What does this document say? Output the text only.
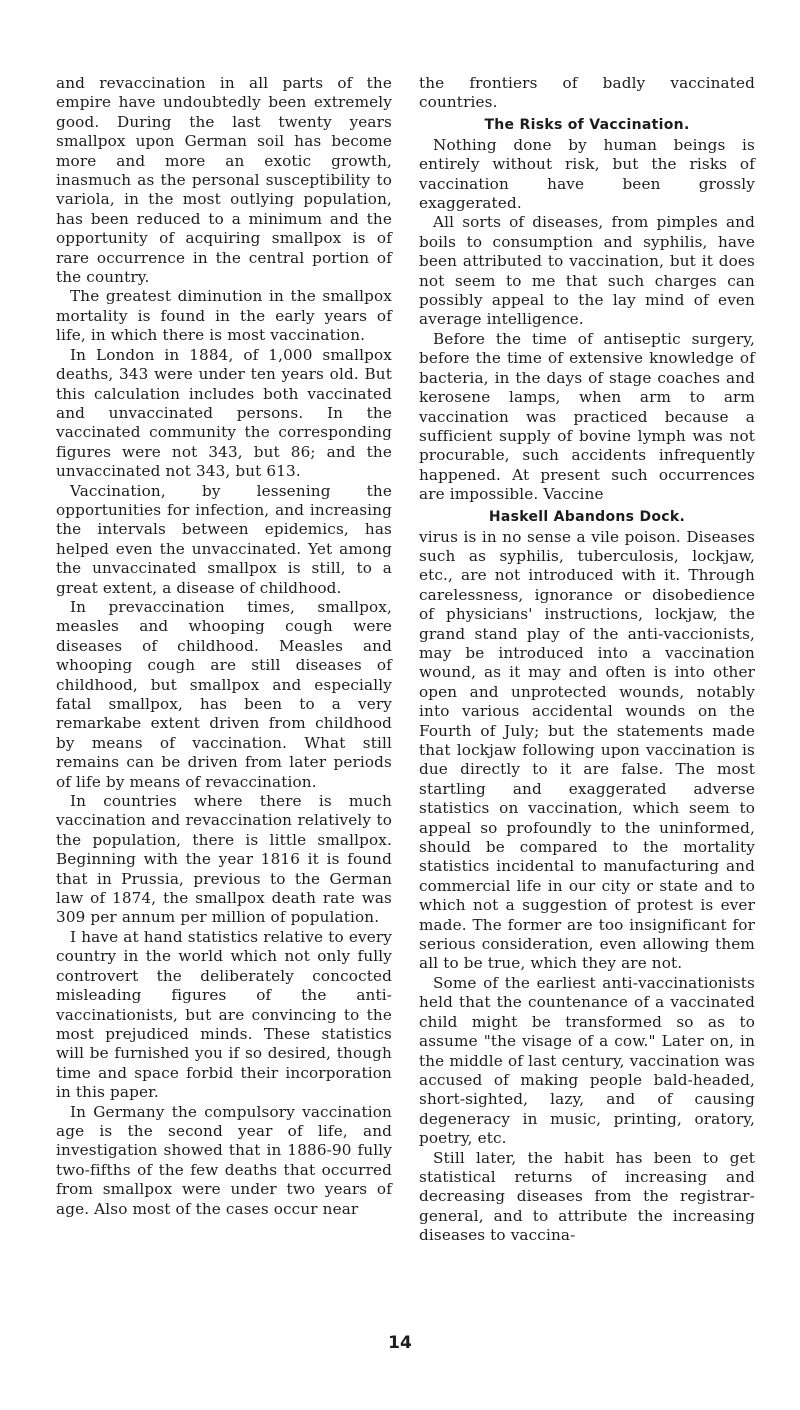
and revaccination in all parts of the empire have undoubtedly been extremely good. During the last twenty years smallpox upon German soil has become more and more an exotic growth, inasmuch as the personal susceptibility to variola, in the most outlying population, has been reduced to a minimum and the opportunity of acquiring smallpox is of rare occurrence in the central portion of the country.

The greatest diminution in the smallpox mortality is found in the early years of life, in which there is most vaccination.

In London in 1884, of 1,000 smallpox deaths, 343 were under ten years old. But this calculation includes both vaccinated and unvaccinated persons. In the vaccinated community the corresponding figures were not 343, but 86; and the unvaccinated not 343, but 613.

Vaccination, by lessening the opportunities for infection, and increasing the intervals between epidemics, has helped even the unvaccinated. Yet among the unvaccinated smallpox is still, to a great extent, a disease of childhood.

In prevaccination times, smallpox, measles and whooping cough were diseases of childhood. Measles and whooping cough are still diseases of childhood, but smallpox and especially fatal smallpox, has been to a very remarkabe extent driven from childhood by means of vaccination. What still remains can be driven from later periods of life by means of revaccination.

In countries where there is much vaccination and revaccination relatively to the population, there is little smallpox. Beginning with the year 1816 it is found that in Prussia, previous to the German law of 1874, the smallpox death rate was 309 per annum per million of population.

I have at hand statistics relative to every country in the world which not only fully controvert the deliberately concocted misleading figures of the anti-vaccinationists, but are convincing to the most prejudiced minds. These statistics will be furnished you if so desired, though time and space forbid their incorporation in this paper.

In Germany the compulsory vaccination age is the second year of life, and investigation showed that in 1886-90 fully two-fifths of the few deaths that occurred from smallpox were under two years of age. Also most of the cases occur near

the frontiers of badly vaccinated countries.

The Risks of Vaccination.

Nothing done by human beings is entirely without risk, but the risks of vaccination have been grossly exaggerated.

All sorts of diseases, from pimples and boils to consumption and syphilis, have been attributed to vaccination, but it does not seem to me that such charges can possibly appeal to the lay mind of even average intelligence.

Before the time of antiseptic surgery, before the time of extensive knowledge of bacteria, in the days of stage coaches and kerosene lamps, when arm to arm vaccination was practiced because a sufficient supply of bovine lymph was not procurable, such accidents infrequently happened. At present such occurrences are impossible. Vaccine

Haskell Abandons Dock.

virus is in no sense a vile poison. Diseases such as syphilis, tuberculosis, lockjaw, etc., are not introduced with it. Through carelessness, ignorance or disobedience of physicians' instructions, lockjaw, the grand stand play of the anti-vaccionists, may be introduced into a vaccination wound, as it may and often is into other open and unprotected wounds, notably into various accidental wounds on the Fourth of July; but the statements made that lockjaw following upon vaccination is due directly to it are false. The most startling and exaggerated adverse statistics on vaccination, which seem to appeal so profoundly to the uninformed, should be compared to the mortality statistics incidental to manufacturing and commercial life in our city or state and to which not a suggestion of protest is ever made. The former are too insignificant for serious consideration, even allowing them all to be true, which they are not.

Some of the earliest anti-vaccinationists held that the countenance of a vaccinated child might be transformed so as to assume "the visage of a cow." Later on, in the middle of last century, vaccination was accused of making people bald-headed, short-sighted, lazy, and of causing degeneracy in music, printing, oratory, poetry, etc.

Still later, the habit has been to get statistical returns of increasing and decreasing diseases from the registrar-general, and to attribute the increasing diseases to vaccina-

14
